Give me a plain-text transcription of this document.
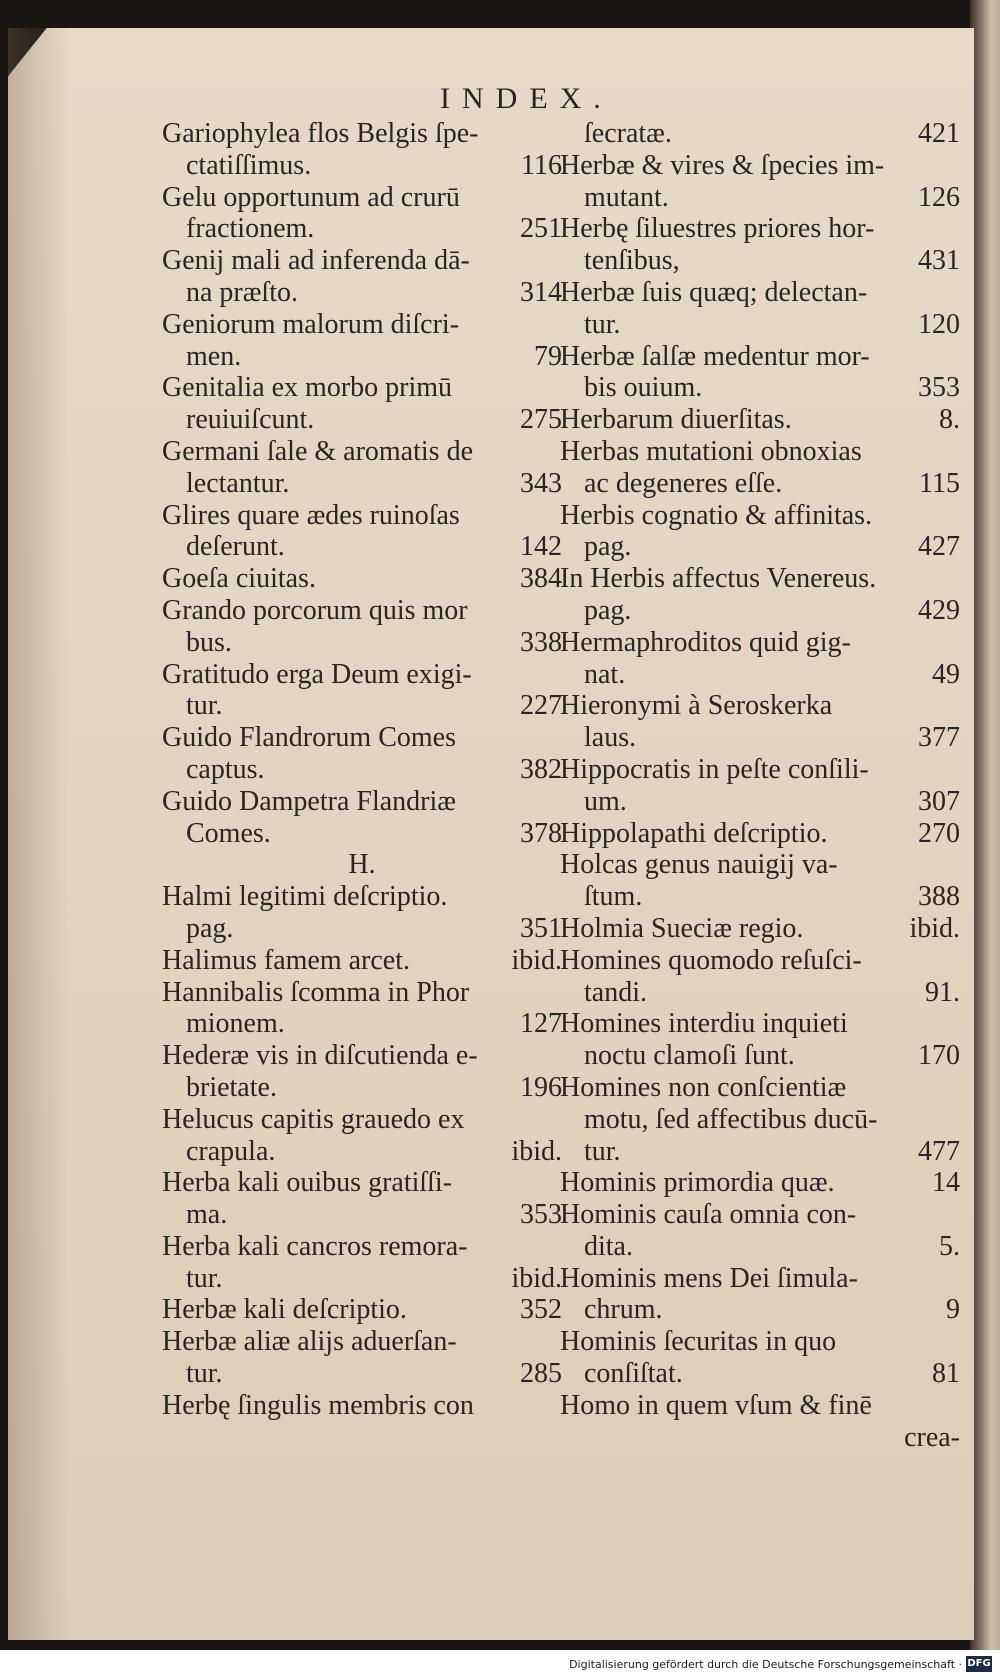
INDEX.
Gariophylea flos Belgis ſpe-
ctatiſſimus.	116
Gelu opportunum ad crurū
fractionem.	251
Genij mali ad inferenda dā-
na præſto.	314
Geniorum malorum diſcri-
men.	79
Genitalia ex morbo primū
reuiuiſcunt.	275
Germani ſale & aromatis de
lectantur.	343
Glires quare ædes ruinoſas
deſerunt.	142
Goeſa ciuitas.	384
Grando porcorum quis mor
bus.	338
Gratitudo erga Deum exigi-
tur.	227
Guido Flandrorum Comes
captus.	382
Guido Dampetra Flandriæ
Comes.	378
H.
Halmi legitimi deſcriptio.
pag.	351
Halimus famem arcet.	ibid.
Hannibalis ſcomma in Phor
mionem.	127
Hederæ vis in diſcutienda e-
brietate.	196
Helucus capitis grauedo ex
crapula.	ibid.
Herba kali ouibus gratiſſi-
ma.	353
Herba kali cancros remora-
tur.	ibid.
Herbæ kali deſcriptio.	352
Herbæ aliæ alijs aduerſan-
tur.	285
Herbę ſingulis membris con
ſecratæ.	421
Herbæ & vires & ſpecies im-
mutant.	126
Herbę ſiluestres priores hor-
tenſibus,	431
Herbæ ſuis quæq; delectan-
tur.	120
Herbæ ſalſæ medentur mor-
bis ouium.	353
Herbarum diuerſitas.	8.
Herbas mutationi obnoxias
ac degeneres eſſe.	115
Herbis cognatio & affinitas.
pag.	427
In Herbis affectus Venereus.
pag.	429
Hermaphroditos quid gig-
nat.	49
Hieronymi à Seroskerka
laus.	377
Hippocratis in peſte conſili-
um.	307
Hippolapathi deſcriptio.	270
Holcas genus nauigij va-
ſtum.	388
Holmia Sueciæ regio.	ibid.
Homines quomodo reſuſci-
tandi.	91.
Homines interdiu inquieti
noctu clamoſi ſunt.	170
Homines non conſcientiæ
motu, ſed affectibus ducū-
tur.	477
Hominis primordia quæ.	14
Hominis cauſa omnia con-
dita.	5.
Hominis mens Dei ſimula-
chrum.	9
Hominis ſecuritas in quo
conſiſtat.	81
Homo in quem vſum & finē
crea-
Digitalisierung gefördert durch die Deutsche Forschungsgemeinschaft · DFG
